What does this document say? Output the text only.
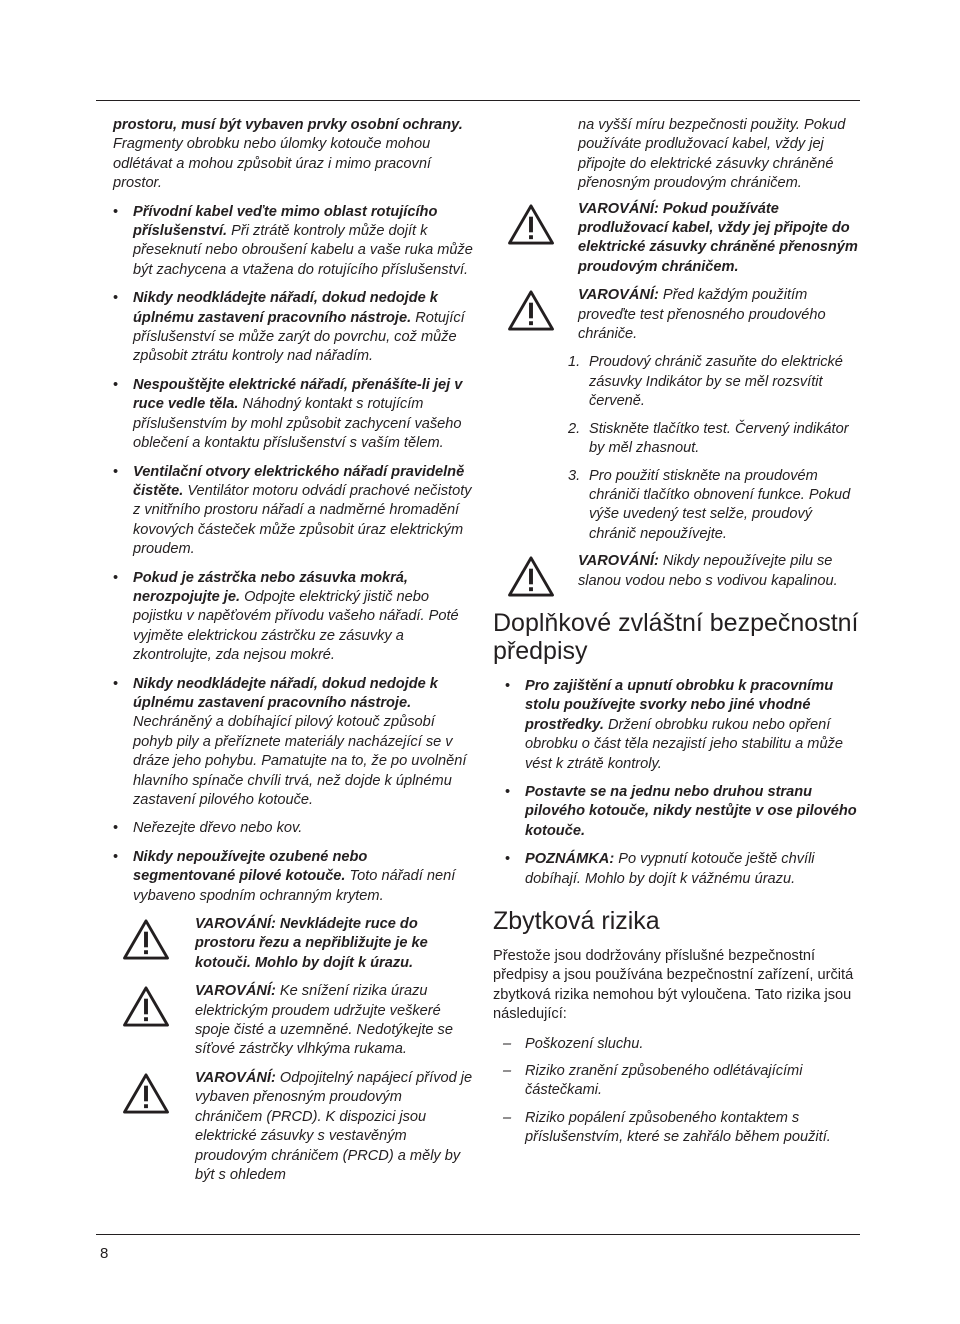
prostoru, musí být vybaven prvky osobní ochrany. Fragmenty obrobku nebo úlomky kotouče mohou odlétávat a mohou způsobit úraz i mimo pracovní prostor.

• Přívodní kabel veďte mimo oblast rotujícího příslušenství. Při ztrátě kontroly může dojít k přeseknutí nebo obroušení kabelu a vaše ruka může být zachycena a vtažena do rotujícího příslušenství.
• Nikdy neodkládejte nářadí, dokud nedojde k úplnému zastavení pracovního nástroje. Rotující příslušenství se může zarýt do povrchu, což může způsobit ztrátu kontroly nad nářadím.
• Nespouštějte elektrické nářadí, přenášíte-li jej v ruce vedle těla. Náhodný kontakt s rotujícím příslušenstvím by mohl způsobit zachycení vašeho oblečení a kontaktu příslušenství s vaším tělem.
• Ventilační otvory elektrického nářadí pravidelně čistěte. Ventilátor motoru odvádí prachové nečistoty z vnitřního prostoru nářadí a nadměrné hromadění kovových částeček může způsobit úraz elektrickým proudem.
• Pokud je zástrčka nebo zásuvka mokrá, nerozpojujte je. Odpojte elektrický jistič nebo pojistku v napěťovém přívodu vašeho nářadí. Poté vyjměte elektrickou zástrčku ze zásuvky a zkontrolujte, zda nejsou mokré.
• Nikdy neodkládejte nářadí, dokud nedojde k úplnému zastavení pracovního nástroje. Nechráněný a dobíhající pilový kotouč způsobí pohyb pily a přeříznete materiály nacházející se v dráze jeho pohybu. Pamatujte na to, že po uvolnění hlavního spínače chvíli trvá, než dojde k úplnému zastavení pilového kotouče.
• Neřezejte dřevo nebo kov.
• Nikdy nepoužívejte ozubené nebo segmentované pilové kotouče. Toto nářadí není vybaveno spodním ochranným krytem.
VAROVÁNÍ: Nevkládejte ruce do prostoru řezu a nepřibližujte je ke kotouči. Mohlo by dojít k úrazu.
VAROVÁNÍ: Ke snížení rizika úrazu elektrickým proudem udržujte veškeré spoje čisté a uzemněné. Nedotýkejte se síťové zástrčky vlhkýma rukama.
VAROVÁNÍ: Odpojitelný napájecí přívod je vybaven přenosným proudovým chráničem (PRCD). K dispozici jsou elektrické zásuvky s vestavěným proudovým chráničem (PRCD) a měly by být s ohledem

na vyšší míru bezpečnosti použity. Pokud používáte prodlužovací kabel, vždy jej připojte do elektrické zásuvky chráněné přenosným proudovým chráničem.

VAROVÁNÍ: Pokud používáte prodlužovací kabel, vždy jej připojte do elektrické zásuvky chráněné přenosným proudovým chráničem.
VAROVÁNÍ: Před každým použitím proveďte test přenosného proudového chrániče.
1. Proudový chránič zasuňte do elektrické zásuvky Indikátor by se měl rozsvítit červeně.
2. Stiskněte tlačítko test. Červený indikátor by měl zhasnout.
3. Pro použití stiskněte na proudovém chrániči tlačítko obnovení funkce. Pokud výše uvedený test selže, proudový chránič nepoužívejte.
VAROVÁNÍ: Nikdy nepoužívejte pilu se slanou vodou nebo s vodivou kapalinou.
Doplňkové zvláštní bezpečnostní předpisy
•	Pro zajištění a upnutí obrobku k pracovnímu stolu používejte svorky nebo jiné vhodné prostředky. Držení obrobku rukou nebo opření obrobku o část těla nezajistí jeho stabilitu a může vést k ztrátě kontroly.
•	Postavte se na jednu nebo druhou stranu pilového kotouče, nikdy nestůjte v ose pilového kotouče.
•	POZNÁMKA: Po vypnutí kotouče ještě chvíli dobíhají. Mohlo by dojít k vážnému úrazu.
Zbytková rizika

Přestože jsou dodržovány příslušné bezpečnostní předpisy a jsou používána bezpečnostní zařízení, určitá zbytková rizika nemohou být vyloučena. Tato rizika jsou následující:

– Poškození sluchu.
– Riziko zranění způsobeného odlétávajícími částečkami.
– Riziko popálení způsobeného kontaktem s příslušenstvím, které se zahřálo během použití.
8
